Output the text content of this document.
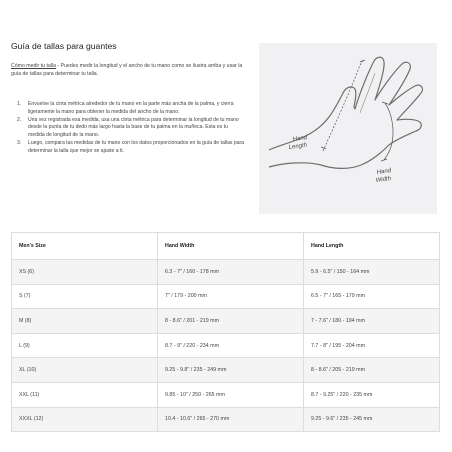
Guía de tallas para guantes
Cómo medir tu talla - Puedes medir la longitud y el ancho de tu mano como se ilustra arriba y usar la guía de tallas para determinar tu talla.
1.	Envuelve la cinta métrica alrededor de tu mano en la parte más ancha de la palma, y cierra ligeramente la mano para obtener la medida del ancho de la mano.
2.	Una vez registrada esa medida, usa una cinta métrica para determinar la longitud de tu mano desde la punta de tu dedo más largo hasta la base de tu palma en la muñeca. Esta es tu medida de longitud de la mano.
3.	Luego, compara las medidas de tu mano con los datos proporcionados en la guía de tallas para determinar la talla que mejor se ajuste a ti.
Hand
Length
Hand
Width
Men's Size	Hand Width	Hand Length
XS (6)	6.3 - 7" / 160 - 178 mm	5.9 - 6.5" / 150 - 164 mm
S (7)	7" / 179 - 200 mm	6.5 - 7" / 165 - 179 mm
M (8)	8 - 8.6" / 201 - 219 mm	7 - 7.6" / 180 - 194 mm
L (9)	8.7 - 9" / 220 - 234 mm	7.7 - 8" / 195 - 204 mm
XL (10)	9.25 - 9.8" / 235 - 249 mm	8 - 8.6" / 205 - 219 mm
XXL (11)	9.85 - 10" / 250 - 265 mm	8.7 - 9.25" / 220 - 235 mm
XXXL (12)	10.4 - 10.6" / 265 - 270 mm	9.25 - 9.6" / 235 - 245 mm
